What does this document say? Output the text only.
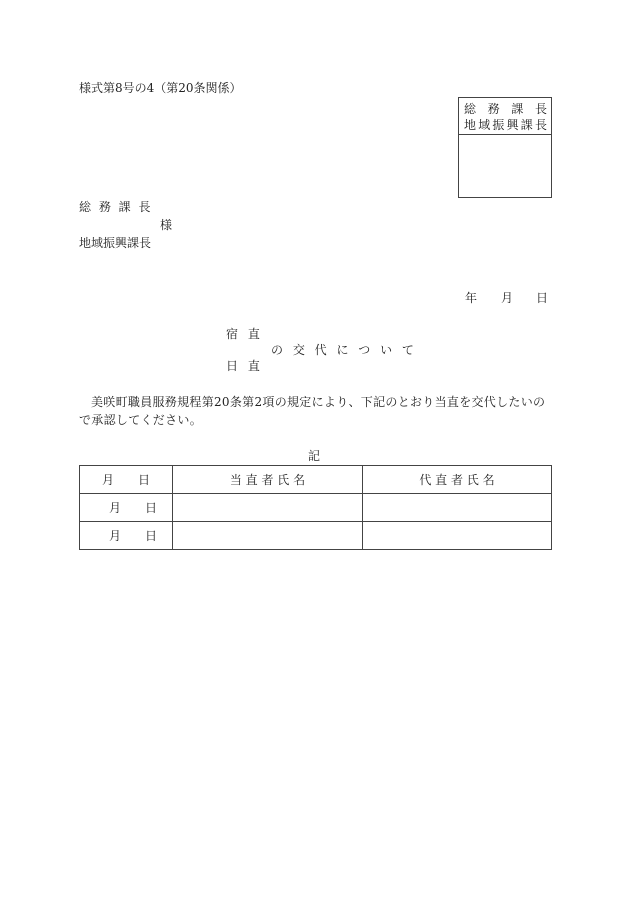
様式第8号の4（第20条関係）
総 務 課 長
地 域 振 興 課 長
総 務 課 長
様
地域振興課長
年 月 日
宿 直
の 交 代 に つ い て
日 直
美咲町職員服務規程第20条第2項の規定により、下記のとおり当直を交代したいので承認してください。
記
月　　日	当 直 者 氏 名	代 直 者 氏 名
月　　日		
月　　日		
